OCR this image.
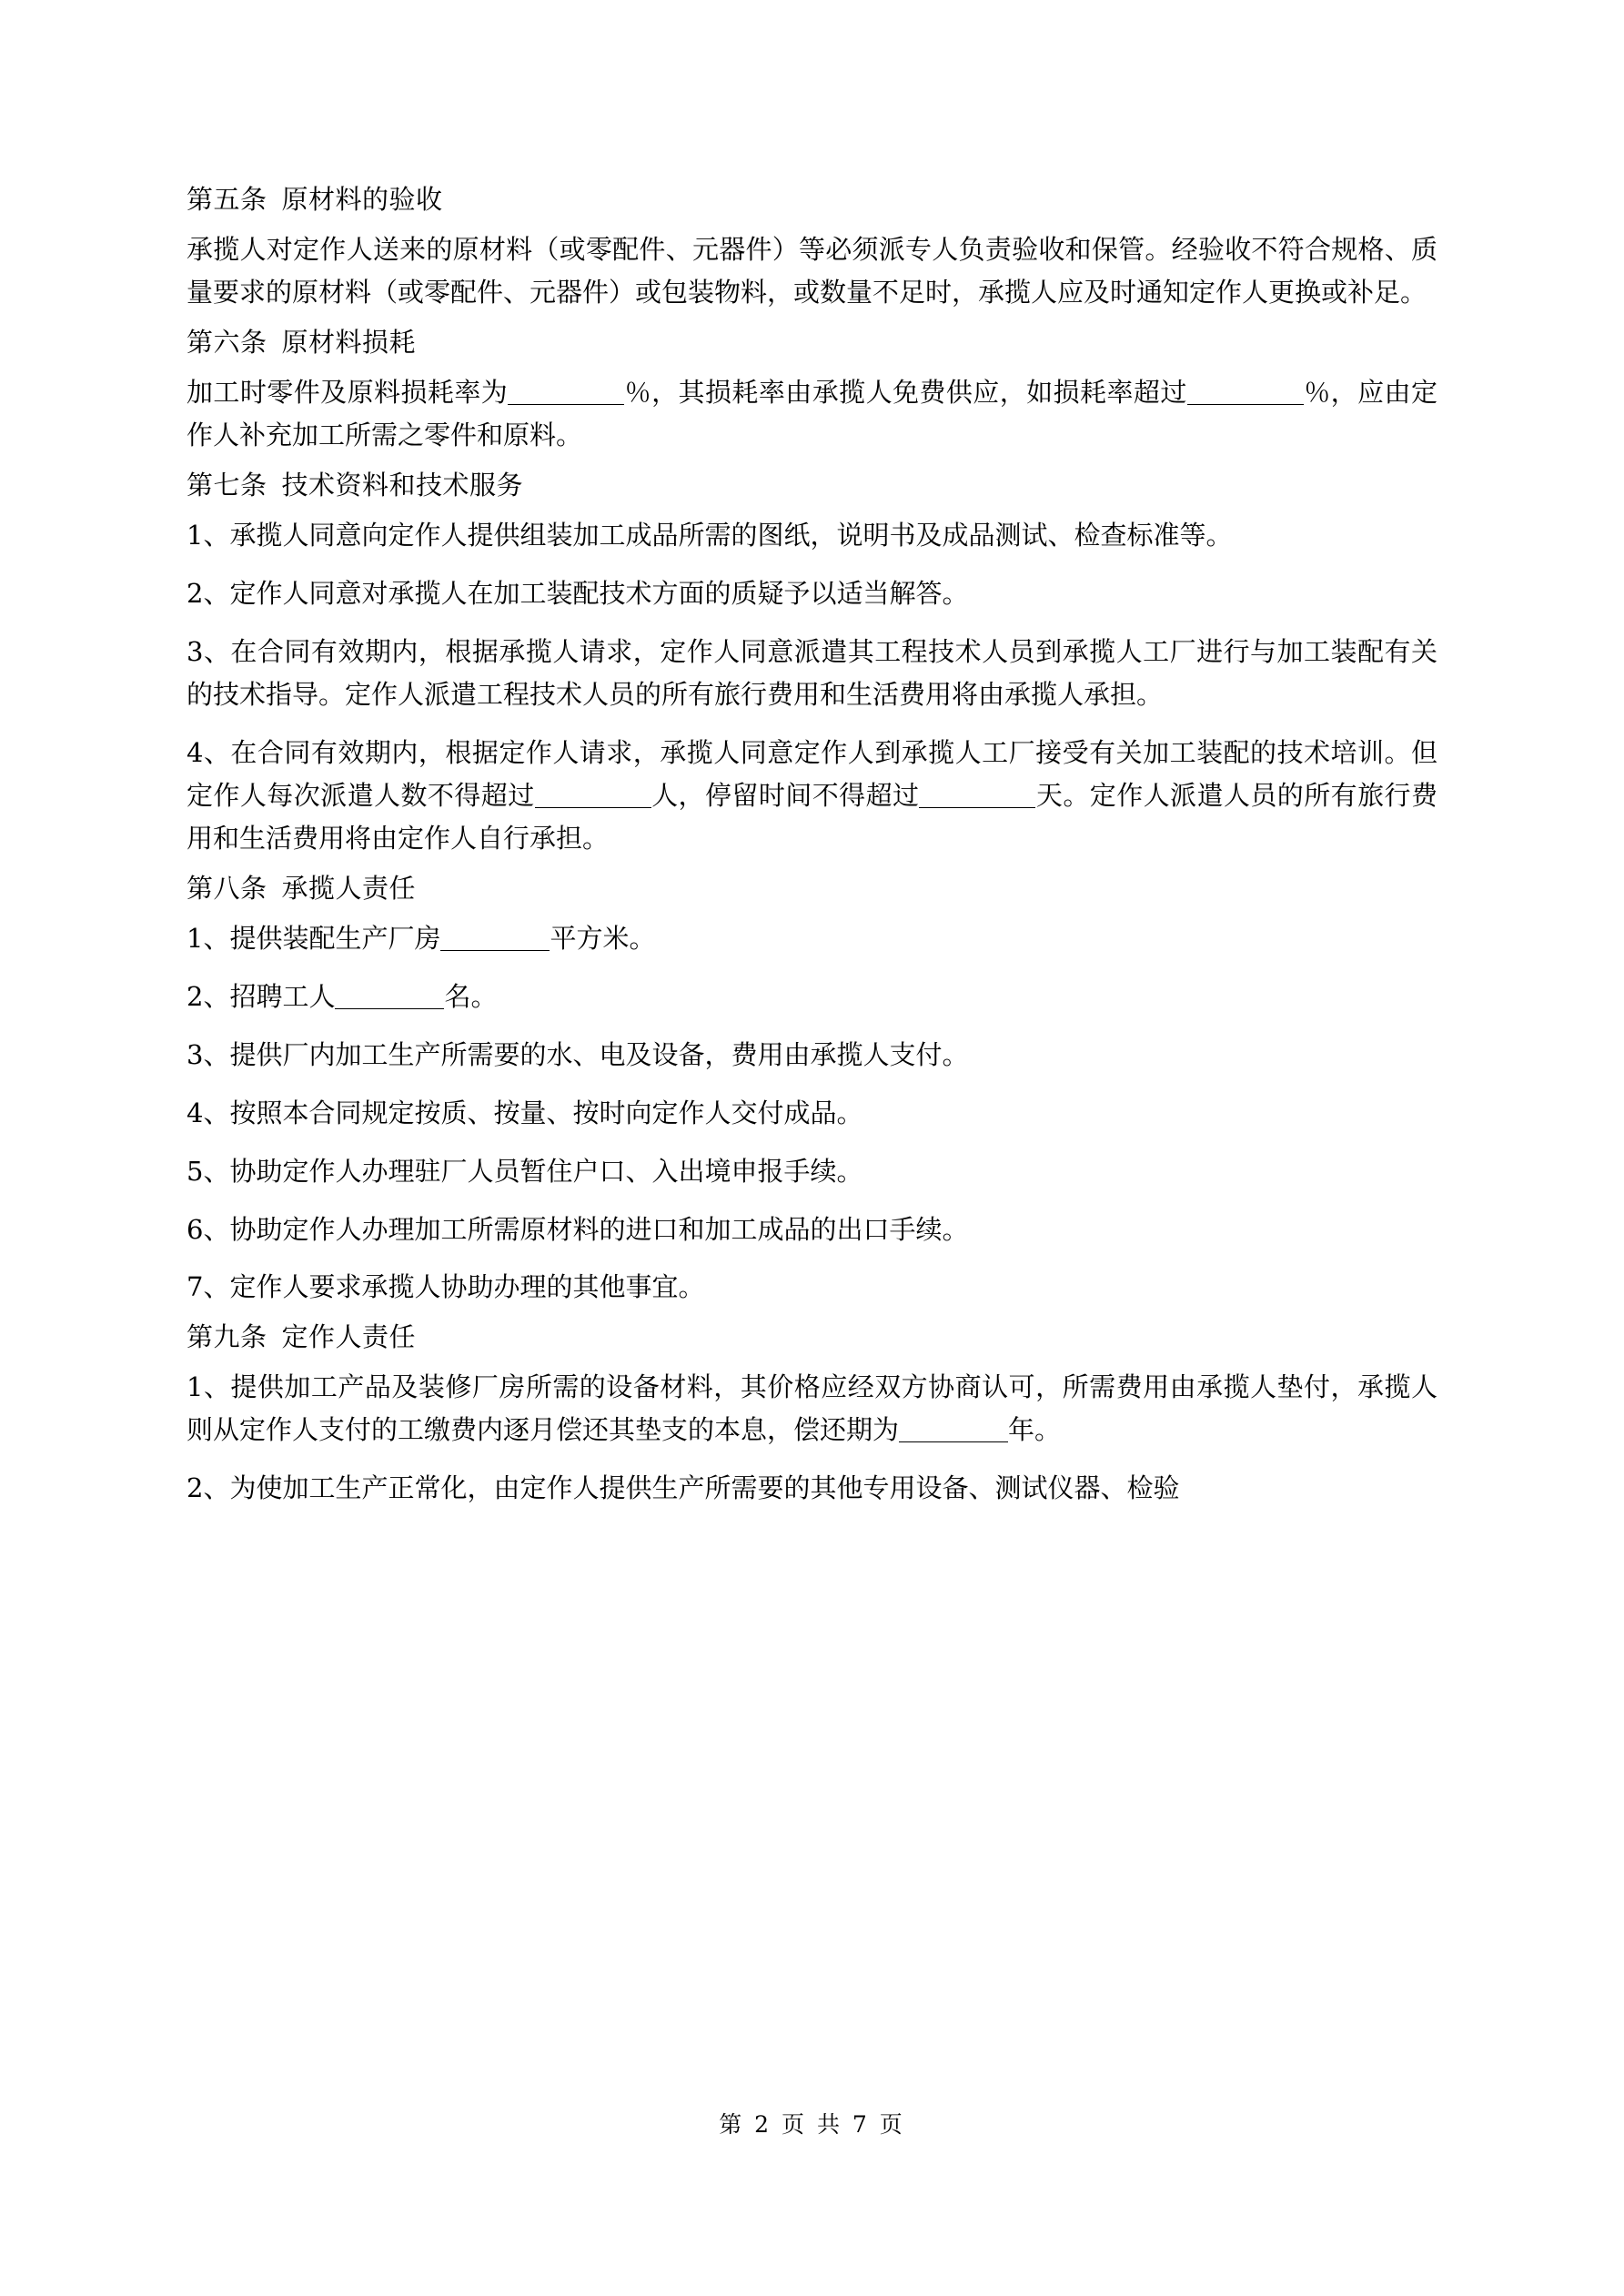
第五条 原材料的验收

承揽人对定作人送来的原材料（或零配件、元器件）等必须派专人负责验收和保管。经验收不符合规格、质量要求的原材料（或零配件、元器件）或包装物料，或数量不足时，承揽人应及时通知定作人更换或补足。

第六条 原材料损耗

加工时零件及原料损耗率为	％，其损耗率由承揽人免费供应，如损耗率超过	％，应由定作人补充加工所需之零件和原料。

第七条 技术资料和技术服务

1、承揽人同意向定作人提供组装加工成品所需的图纸，说明书及成品测试、检查标准等。

2、定作人同意对承揽人在加工装配技术方面的质疑予以适当解答。

3、在合同有效期内，根据承揽人请求，定作人同意派遣其工程技术人员到承揽人工厂进行与加工装配有关的技术指导。定作人派遣工程技术人员的所有旅行费用和生活费用将由承揽人承担。

4、在合同有效期内，根据定作人请求，承揽人同意定作人到承揽人工厂接受有关加工装配的技术培训。但定作人每次派遣人数不得超过	人，停留时间不得超过	天。定作人派遣人员的所有旅行费用和生活费用将由定作人自行承担。

第八条 承揽人责任

1、提供装配生产厂房	平方米。

2、招聘工人	名。

3、提供厂内加工生产所需要的水、电及设备，费用由承揽人支付。

4、按照本合同规定按质、按量、按时向定作人交付成品。

5、协助定作人办理驻厂人员暂住户口、入出境申报手续。

6、协助定作人办理加工所需原材料的进口和加工成品的出口手续。

7、定作人要求承揽人协助办理的其他事宜。

第九条 定作人责任

1、提供加工产品及装修厂房所需的设备材料，其价格应经双方协商认可，所需费用由承揽人垫付，承揽人则从定作人支付的工缴费内逐月偿还其垫支的本息，偿还期为	年。

2、为使加工生产正常化，由定作人提供生产所需要的其他专用设备、测试仪器、检验

第 2 页 共 7 页
